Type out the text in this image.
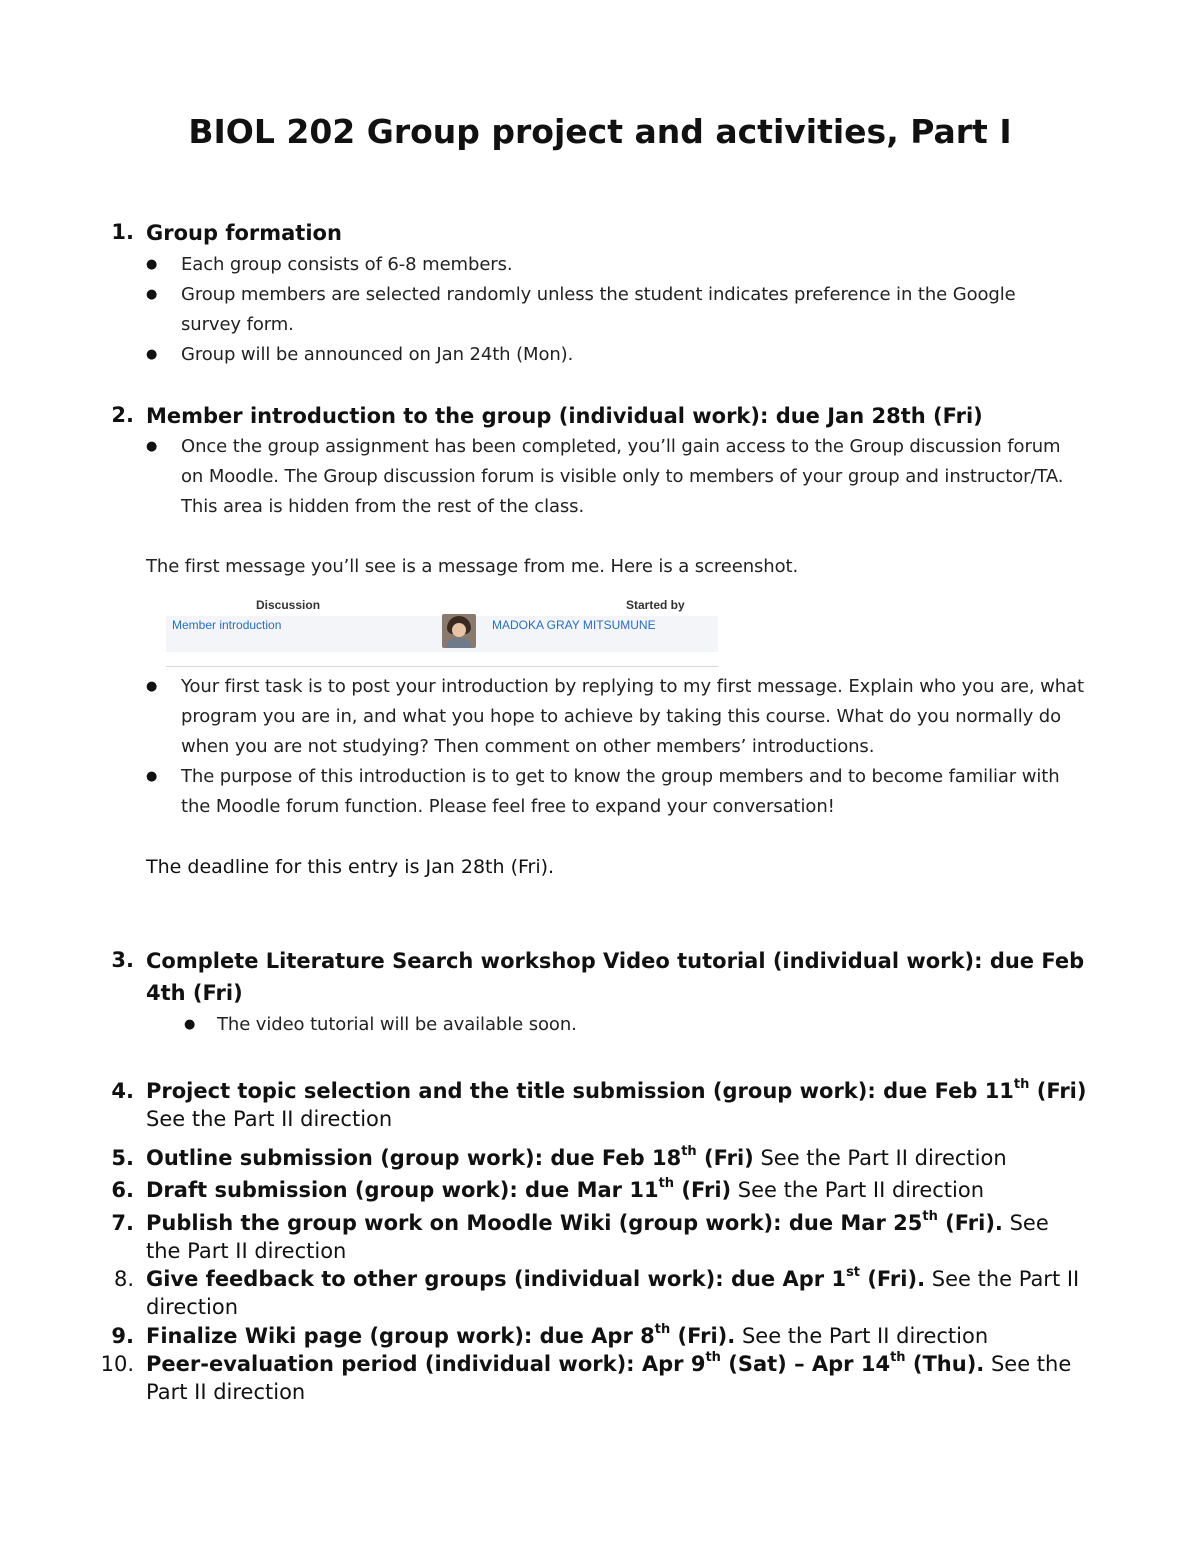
BIOL 202 Group project and activities, Part I
1. Group formation
● Each group consists of 6-8 members.
● Group members are selected randomly unless the student indicates preference in the Google survey form.
● Group will be announced on Jan 24th (Mon).
2. Member introduction to the group (individual work): due Jan 28th (Fri)
● Once the group assignment has been completed, you’ll gain access to the Group discussion forum on Moodle. The Group discussion forum is visible only to members of your group and instructor/TA. This area is hidden from the rest of the class.
The first message you’ll see is a message from me. Here is a screenshot.
Discussion	Started by
Member introduction	MADOKA GRAY MITSUMUNE
● Your first task is to post your introduction by replying to my first message. Explain who you are, what program you are in, and what you hope to achieve by taking this course. What do you normally do when you are not studying? Then comment on other members’ introductions.
● The purpose of this introduction is to get to know the group members and to become familiar with the Moodle forum function. Please feel free to expand your conversation!
The deadline for this entry is Jan 28th (Fri).
3. Complete Literature Search workshop Video tutorial (individual work): due Feb 4th (Fri)
● The video tutorial will be available soon.
4. Project topic selection and the title submission (group work): due Feb 11th (Fri)
See the Part II direction
5. Outline submission (group work): due Feb 18th (Fri) See the Part II direction
6. Draft submission (group work): due Mar 11th (Fri) See the Part II direction
7. Publish the group work on Moodle Wiki (group work): due Mar 25th (Fri). See the Part II direction
8. Give feedback to other groups (individual work): due Apr 1st (Fri). See the Part II direction
9. Finalize Wiki page (group work): due Apr 8th (Fri). See the Part II direction
10. Peer-evaluation period (individual work): Apr 9th (Sat) – Apr 14th (Thu). See the Part II direction
